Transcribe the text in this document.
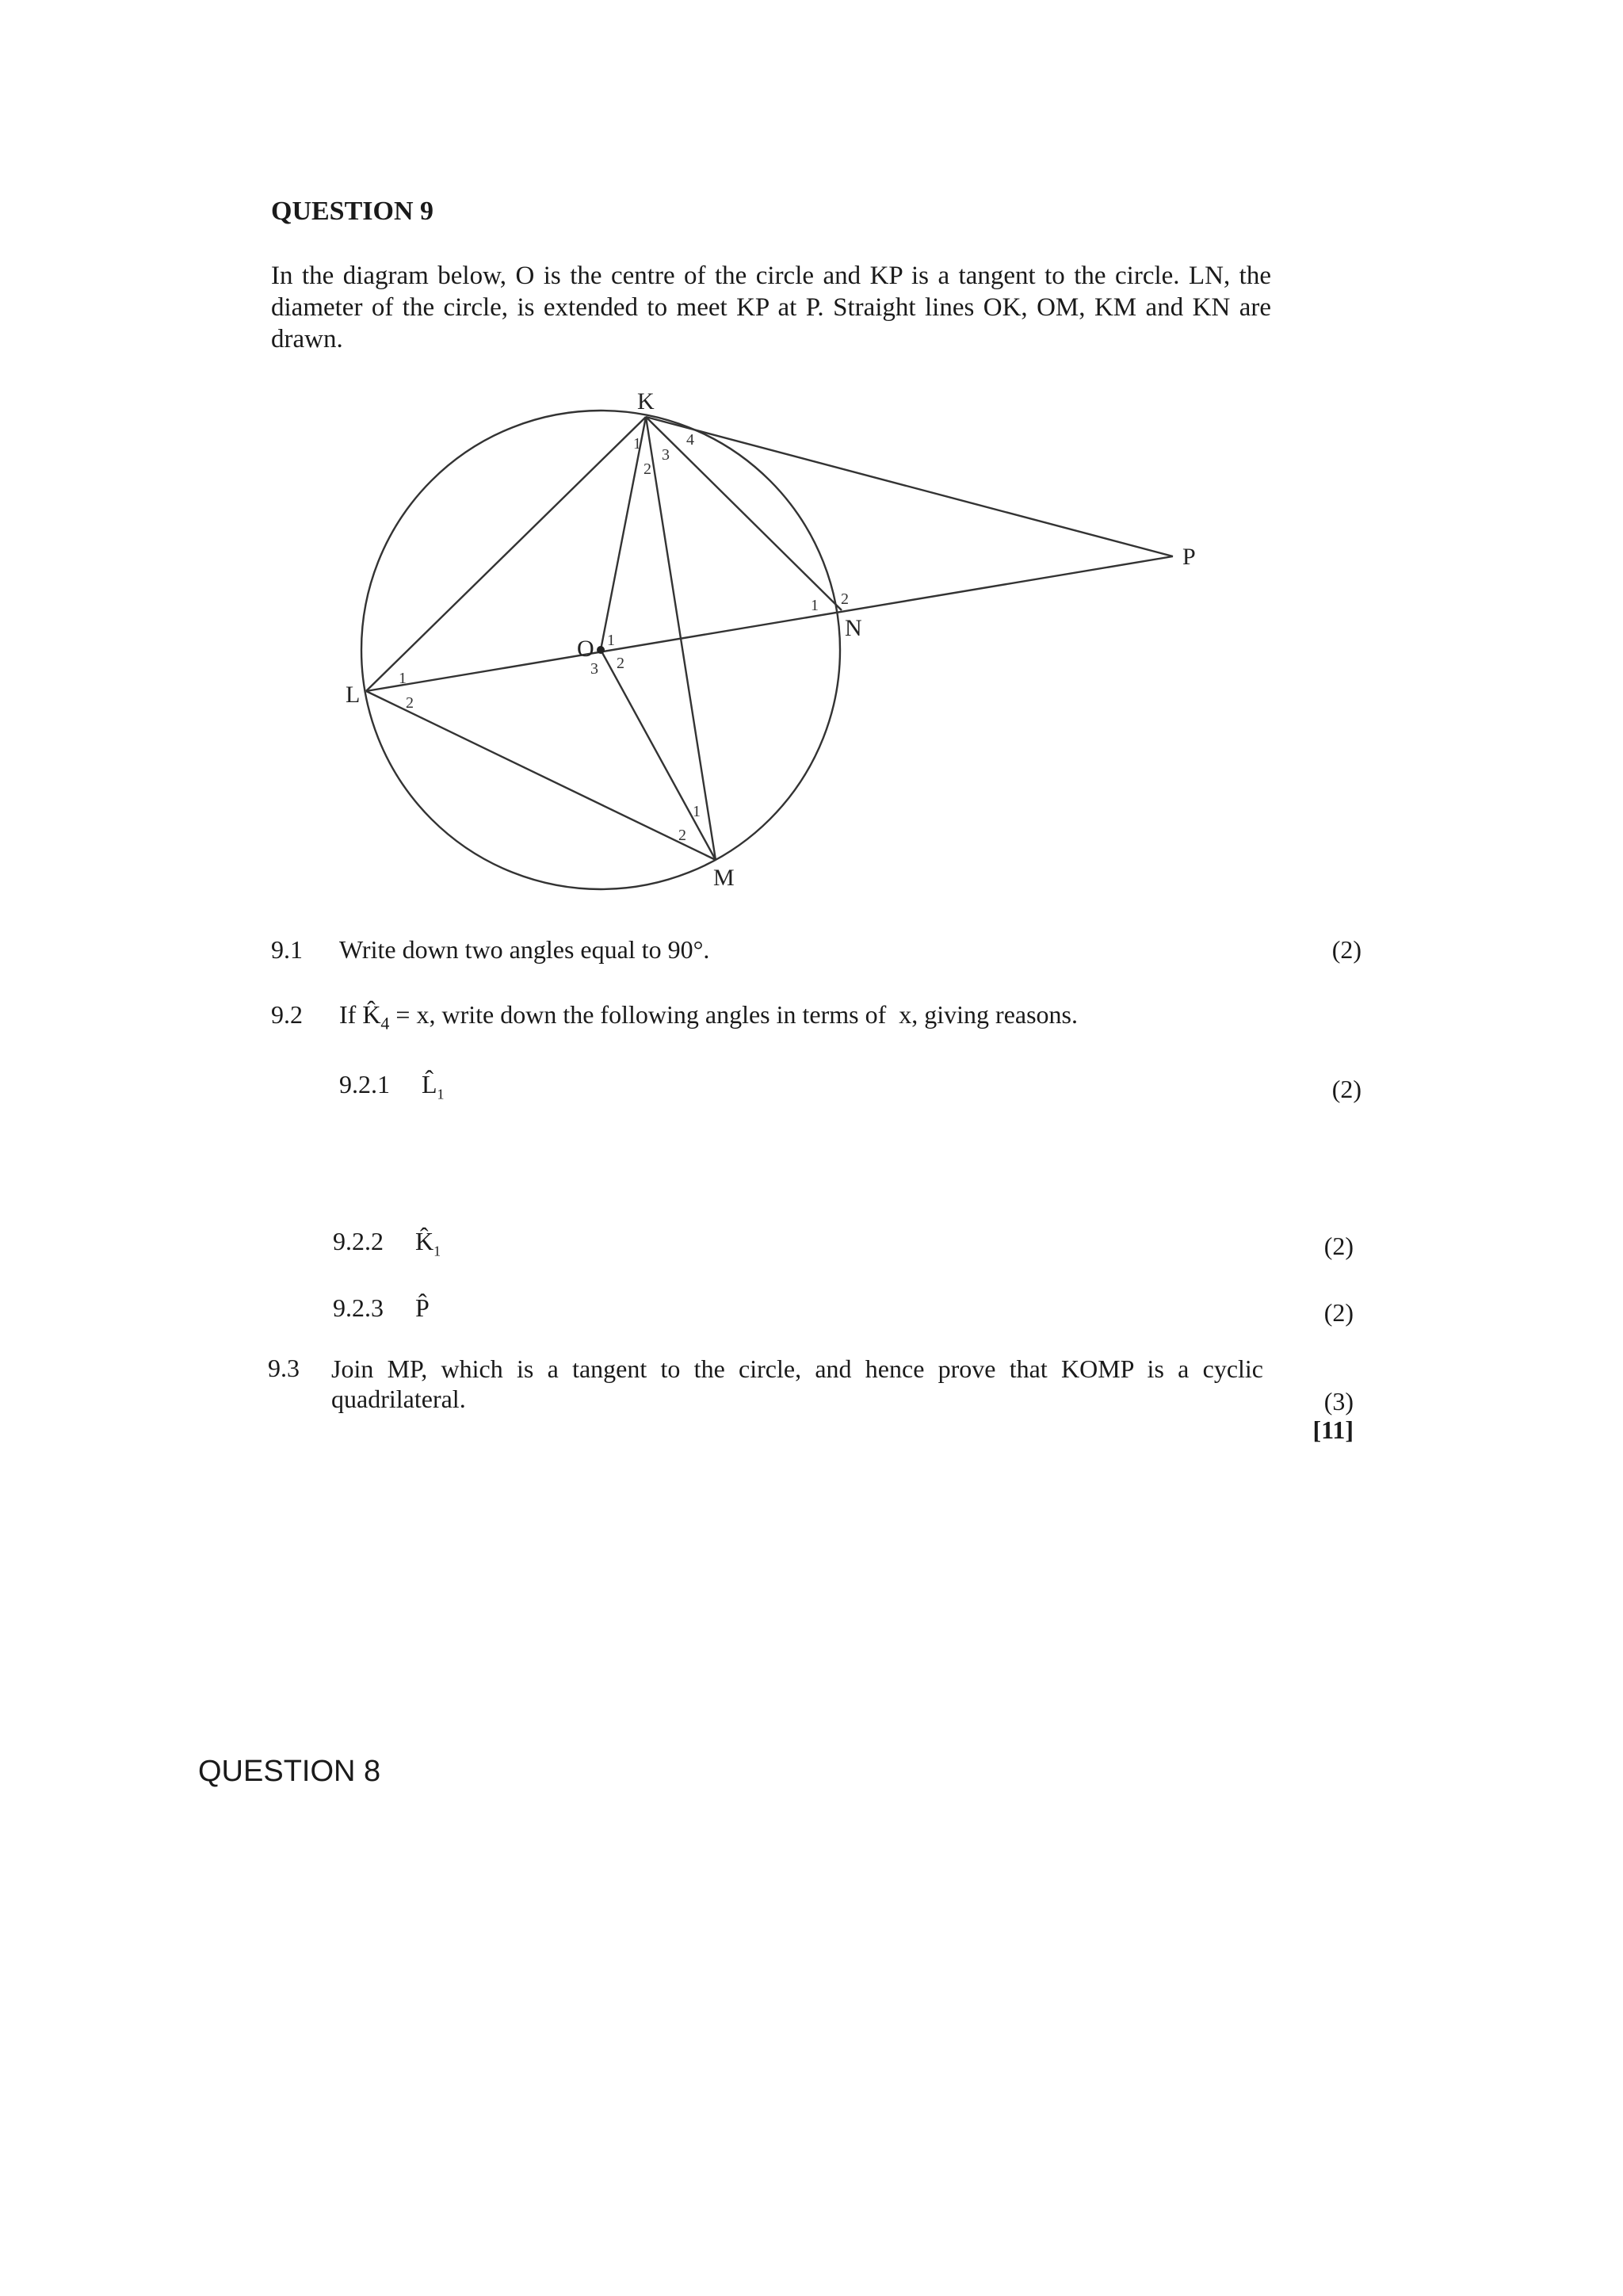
QUESTION 9
In the diagram below, O is the centre of the circle and KP is a tangent to the circle. LN, the diameter of the circle, is extended to meet KP at P. Straight lines OK, OM, KM and KN are drawn.
K
P
N
O
L
M
1
2
3
4
1 2
1
2
3
1
2
1
2
9.1 Write down two angles equal to 90°.	(2)
9.2 If $K̂_4 = x$, write down the following angles in terms of  x, giving reasons.
9.2.1 $L̂_1$	(2)
9.2.2 $K̂_1$	(2)
9.2.3 P̂	(2)
9.3 Join MP, which is a tangent to the circle, and hence prove that KOMP is a cyclic quadrilateral.	(3)
[11]
QUESTION 8
